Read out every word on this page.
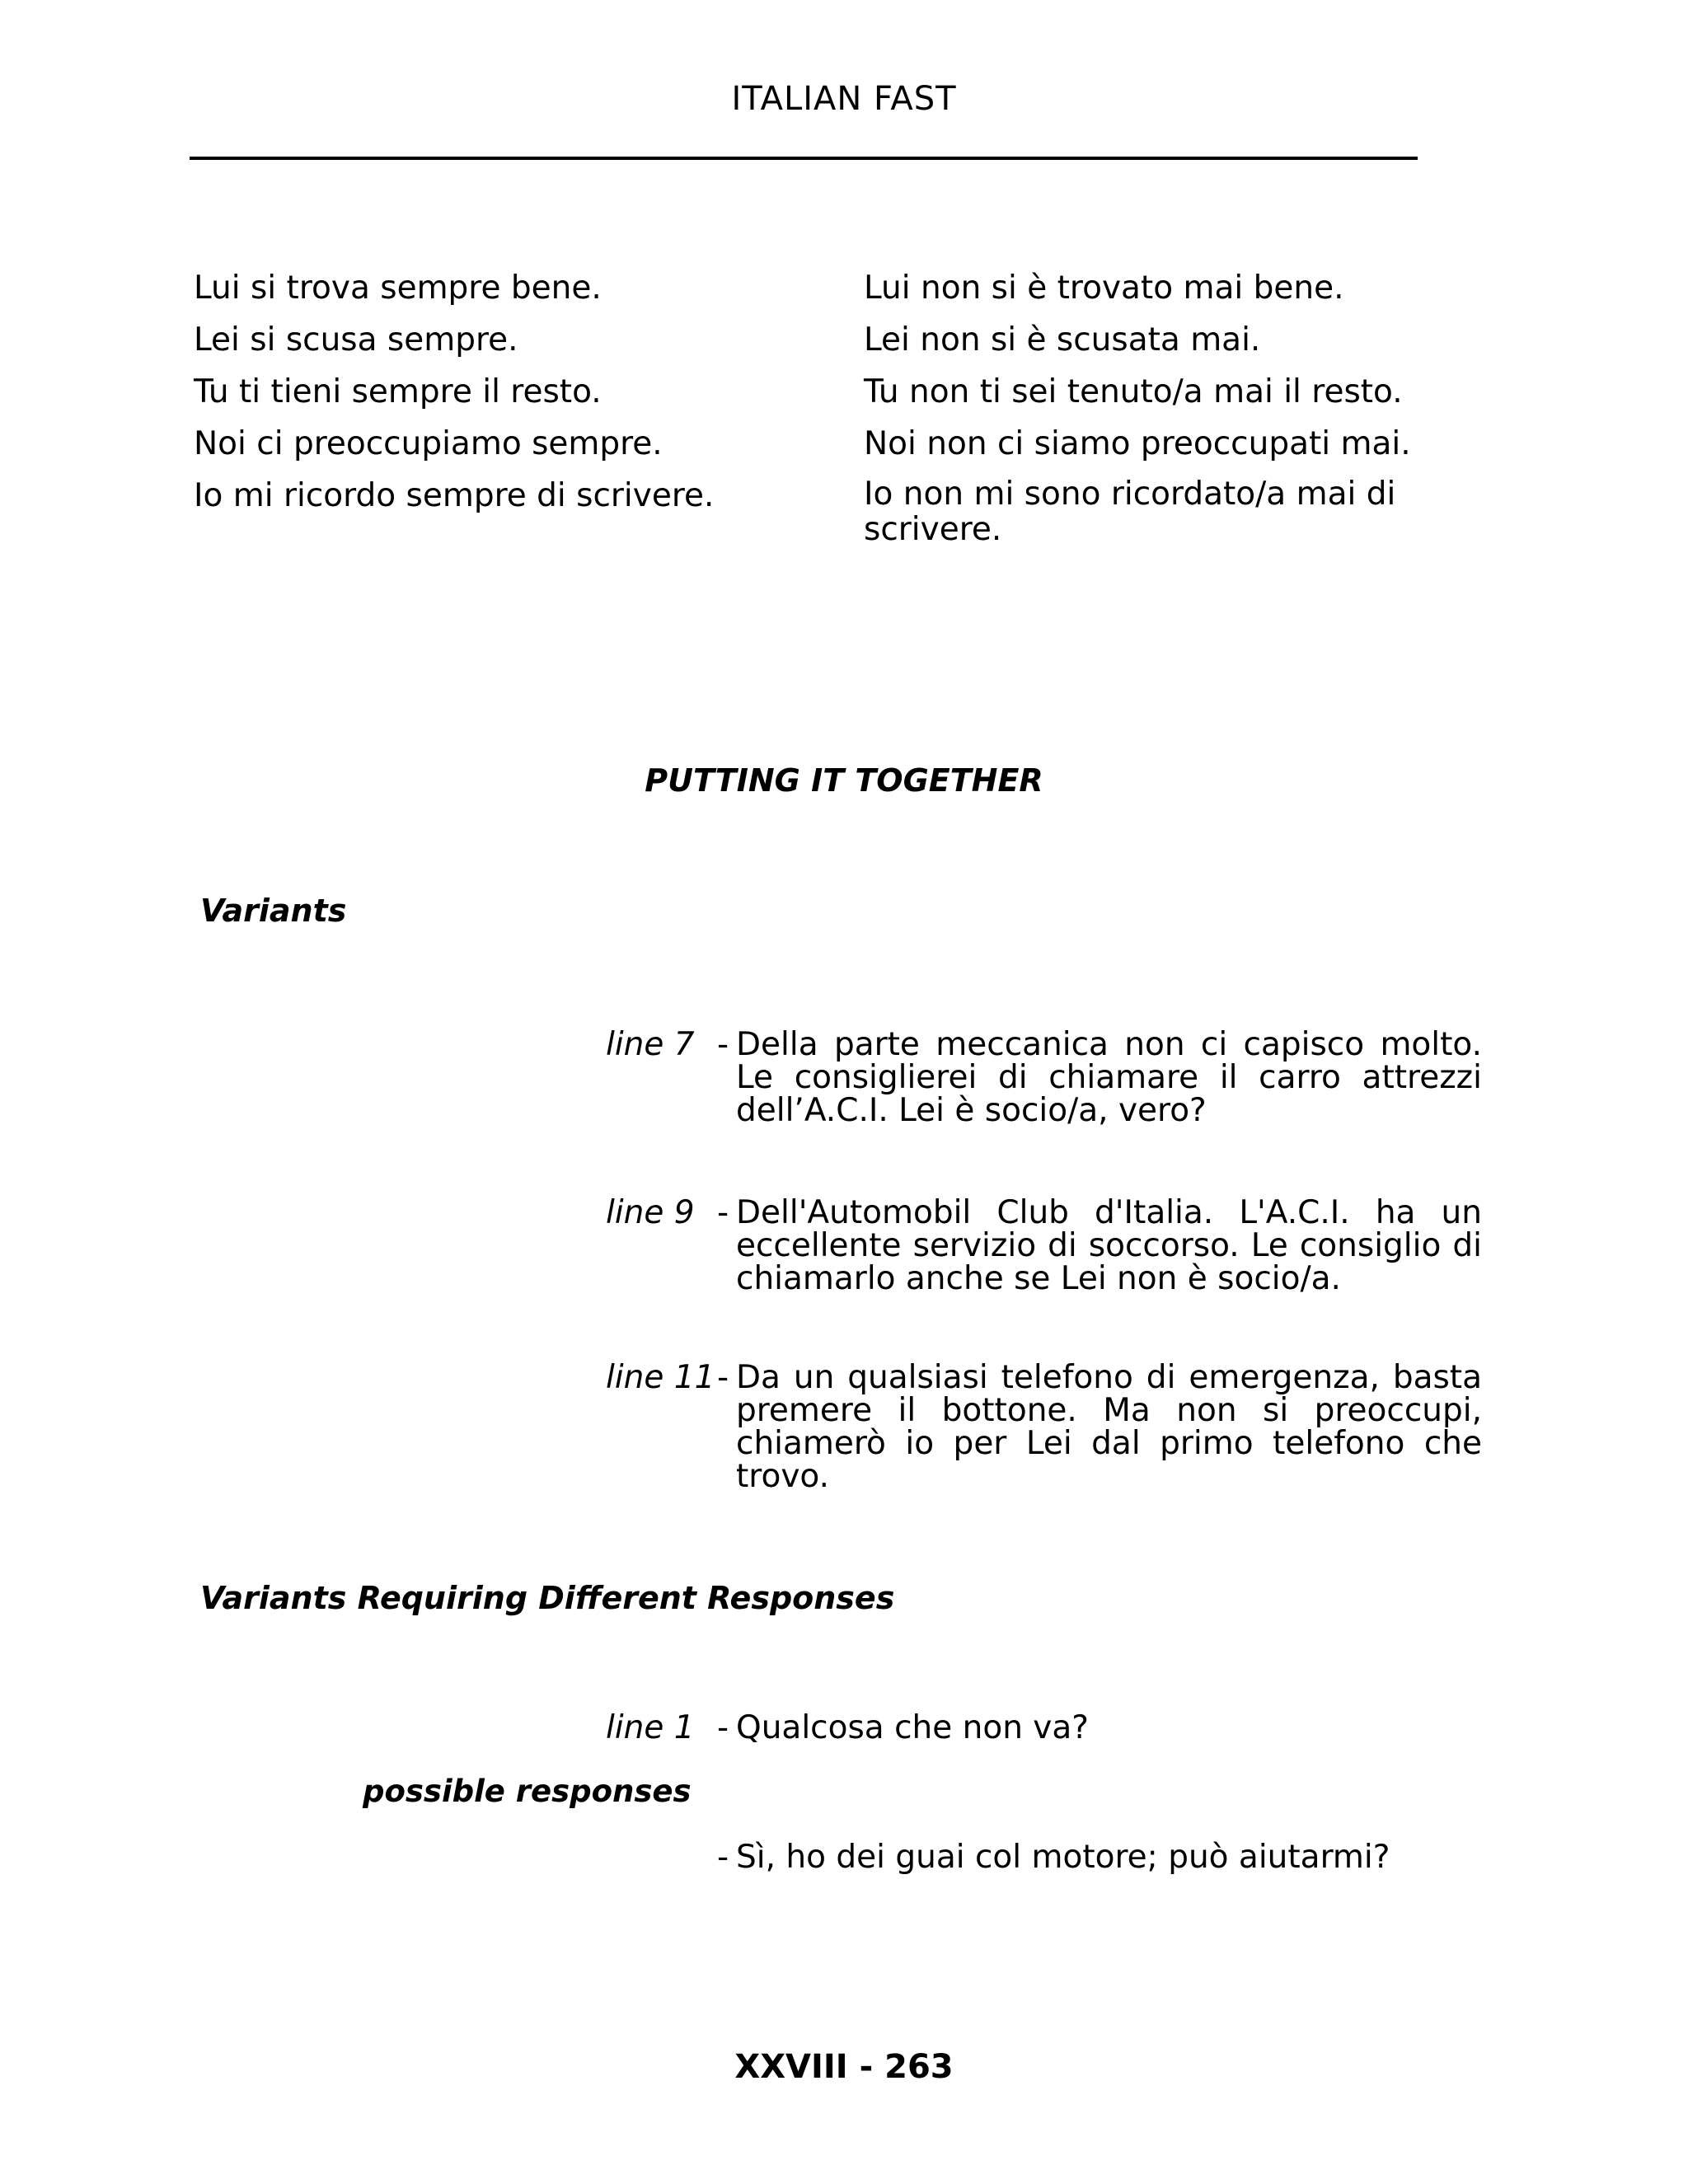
ITALIAN FAST

Lui si trova sempre bene.

Lei si scusa sempre.

Tu ti tieni sempre il resto.

Noi ci preoccupiamo sempre.

Io mi ricordo sempre di scrivere.

Lui non si è trovato mai bene.

Lei non si è scusata mai.

Tu non ti sei tenuto/a mai il resto.

Noi non ci siamo preoccupati mai.

Io non mi sono ricordato/a mai di scrivere.

PUTTING IT TOGETHER
Variants
line 7 - Della parte meccanica non ci capisco molto. Le consiglierei di chiamare il carro attrezzi dell’A.C.I. Lei è socio/a, vero?
line 9 - Dell'Automobil Club d'Italia. L'A.C.I. ha un eccellente servizio di soccorso. Le consiglio di chiamarlo anche se Lei non è socio/a.
line 11 - Da un qualsiasi telefono di emergenza, basta premere il bottone. Ma non si preoccupi, chiamerò io per Lei dal primo telefono che trovo.
Variants Requiring Different Responses
line 1 - Qualcosa che non va?
possible responses
- Sì, ho dei guai col motore; può aiutarmi?
XXVIII - 263
